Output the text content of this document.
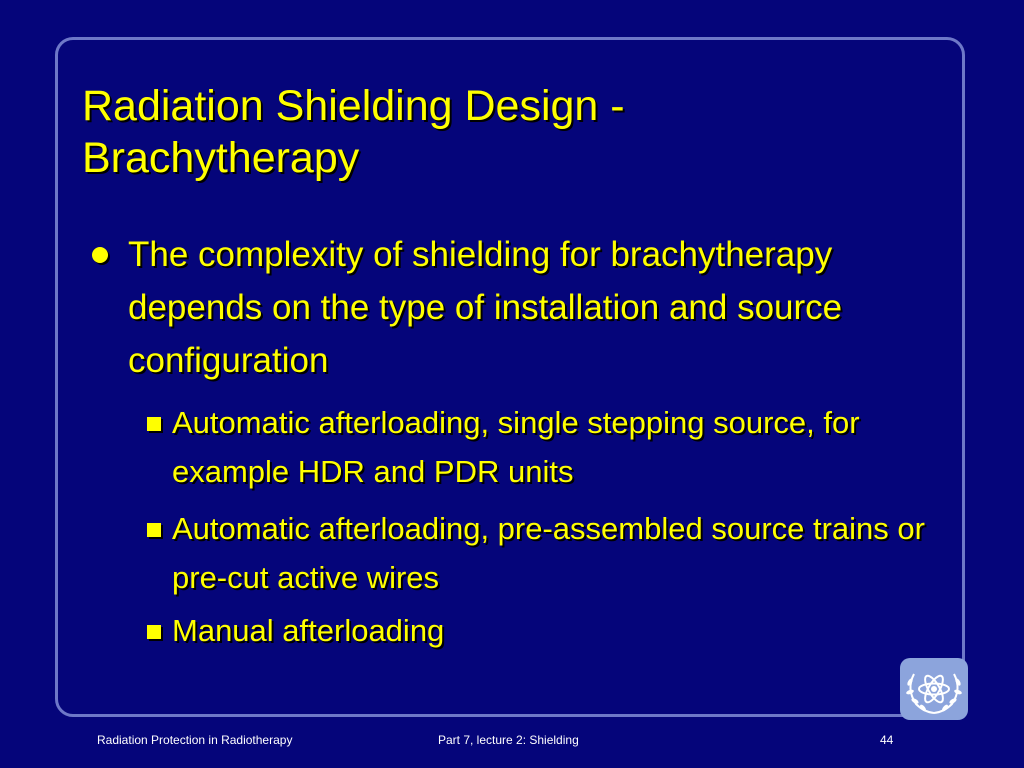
Radiation Shielding Design -
Brachytherapy
The complexity of shielding for brachytherapy depends on the type of installation and source configuration
Automatic afterloading, single stepping source, for example HDR and PDR units
Automatic afterloading, pre-assembled source trains or pre-cut active wires
Manual afterloading
Radiation Protection in Radiotherapy	Part 7, lecture 2: Shielding	44
